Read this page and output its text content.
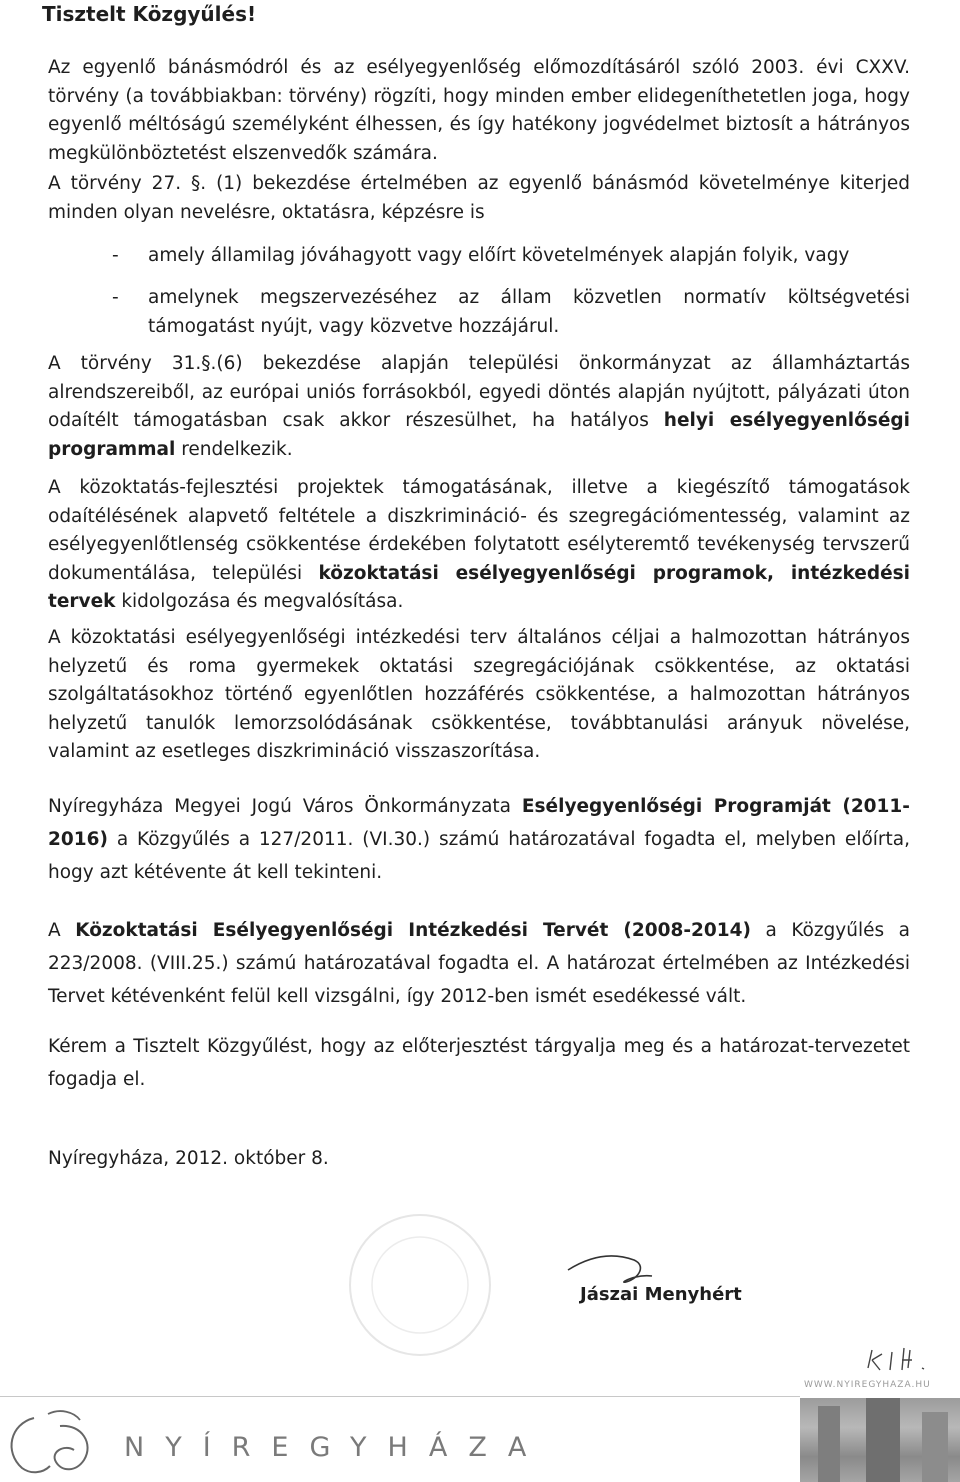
Tisztelt Közgyűlés!

Az egyenlő bánásmódról és az esélyegyenlőség előmozdításáról szóló 2003. évi CXXV. törvény (a továbbiakban: törvény) rögzíti, hogy minden ember elidegeníthetetlen joga, hogy egyenlő méltóságú személyként élhessen, és így hatékony jogvédelmet biztosít a hátrányos megkülönböztetést elszenvedők számára.

A törvény 27. §. (1) bekezdése értelmében az egyenlő bánásmód követelménye kiterjed minden olyan nevelésre, oktatásra, képzésre is

- amely államilag jóváhagyott vagy előírt követelmények alapján folyik, vagy

- amelynek megszervezéséhez az állam közvetlen normatív költségvetési támogatást nyújt, vagy közvetve hozzájárul.

A törvény 31.§.(6) bekezdése alapján települési önkormányzat az államháztartás alrendszereiből, az európai uniós forrásokból, egyedi döntés alapján nyújtott, pályázati úton odaítélt támogatásban csak akkor részesülhet, ha hatályos helyi esélyegyenlőségi programmal rendelkezik.

A közoktatás-fejlesztési projektek támogatásának, illetve a kiegészítő támogatások odaítélésének alapvető feltétele a diszkrimináció- és szegregációmentesség, valamint az esélyegyenlőtlenség csökkentése érdekében folytatott esélyteremtő tevékenység tervszerű dokumentálása, települési közoktatási esélyegyenlőségi programok, intézkedési tervek kidolgozása és megvalósítása.

A közoktatási esélyegyenlőségi intézkedési terv általános céljai a halmozottan hátrányos helyzetű és roma gyermekek oktatási szegregációjának csökkentése, az oktatási szolgáltatásokhoz történő egyenlőtlen hozzáférés csökkentése, a halmozottan hátrányos helyzetű tanulók lemorzsolódásának csökkentése, továbbtanulási arányuk növelése, valamint az esetleges diszkrimináció visszaszorítása.

Nyíregyháza Megyei Jogú Város Önkormányzata Esélyegyenlőségi Programját (2011-2016) a Közgyűlés a 127/2011. (VI.30.) számú határozatával fogadta el, melyben előírta, hogy azt kétévente át kell tekinteni.

A Közoktatási Esélyegyenlőségi Intézkedési Tervét (2008-2014) a Közgyűlés a 223/2008. (VIII.25.) számú határozatával fogadta el. A határozat értelmében az Intézkedési Tervet kétévenként felül kell vizsgálni, így 2012-ben ismét esedékessé vált.

Kérem a Tisztelt Közgyűlést, hogy az előterjesztést tárgyalja meg és a határozat-tervezetet fogadja el.

Nyíregyháza, 2012. október 8.

Jászai Menyhért

WWW.NYIREGYHAZA.HU
NYÍREGYHÁZA
